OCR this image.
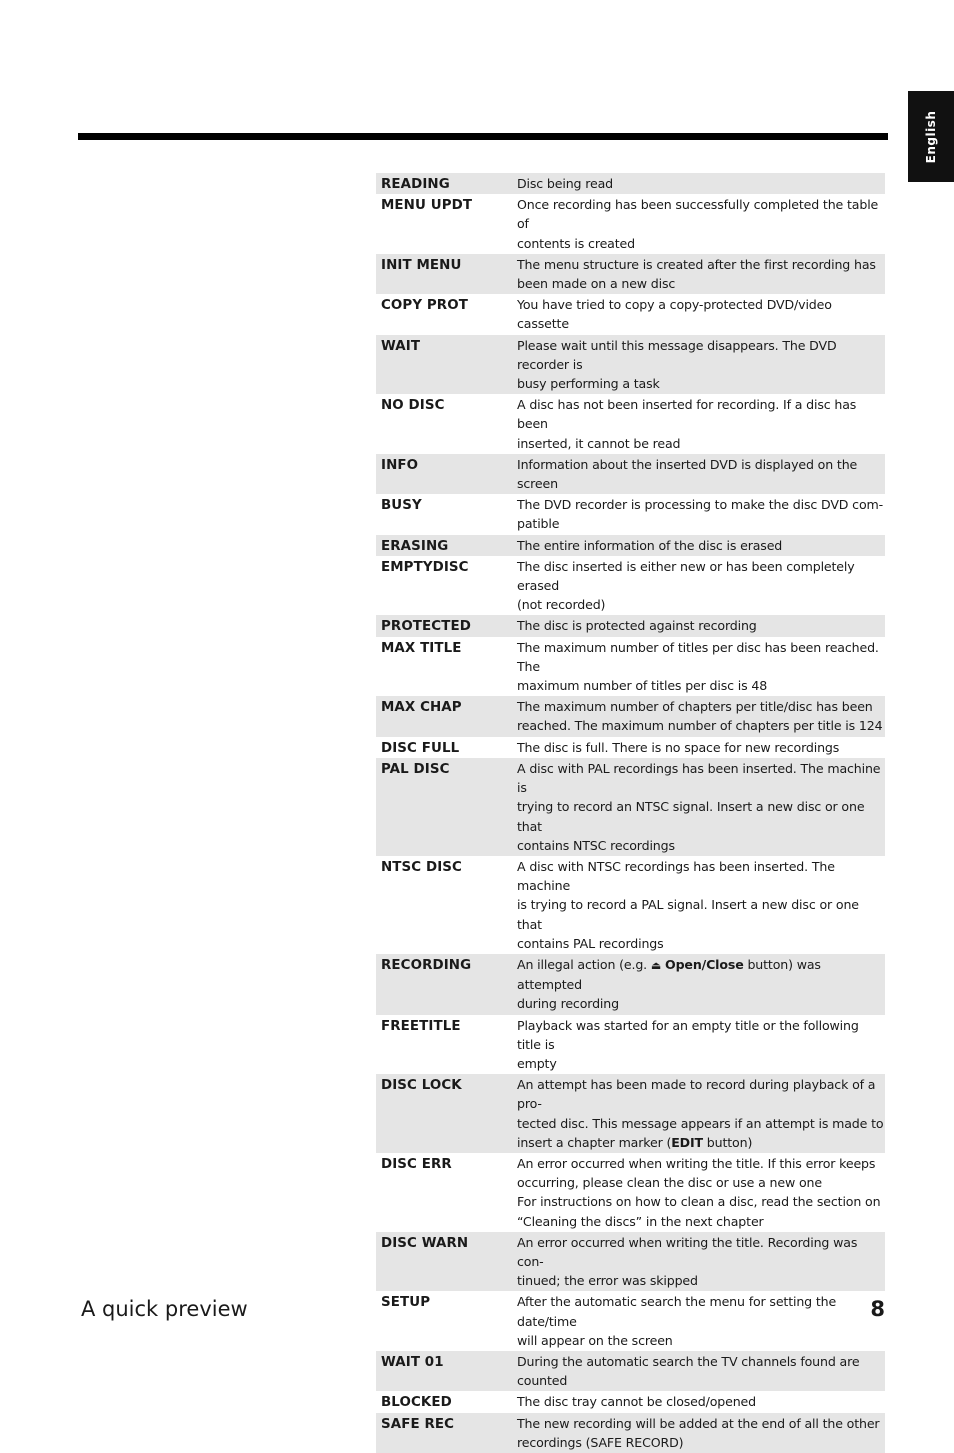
English
READING	Disc being read
MENU UPDT	Once recording has been successfully completed the table of
contents is created
INIT MENU	The menu structure is created after the first recording has
been made on a new disc
COPY PROT	You have tried to copy a copy-protected DVD/video cassette
WAIT	Please wait until this message disappears. The DVD recorder is
busy performing a task
NO DISC	A disc has not been inserted for recording. If a disc has been
inserted, it cannot be read
INFO	Information about the inserted DVD is displayed on the screen
BUSY	The DVD recorder is processing to make the disc DVD com-
patible
ERASING	The entire information of the disc is erased
EMPTYDISC	The disc inserted is either new or has been completely erased
(not recorded)
PROTECTED	The disc is protected against recording
MAX TITLE	The maximum number of titles per disc has been reached. The
maximum number of titles per disc is 48
MAX CHAP	The maximum number of chapters per title/disc has been
reached. The maximum number of chapters per title is 124
DISC FULL	The disc is full. There is no space for new recordings
PAL DISC	A disc with PAL recordings has been inserted. The machine is
trying to record an NTSC signal. Insert a new disc or one that
contains NTSC recordings
NTSC DISC	A disc with NTSC recordings has been inserted. The machine
is trying to record a PAL signal. Insert a new disc or one that
contains PAL recordings
RECORDING	An illegal action (e.g. ⏏ Open/Close button) was attempted
during recording
FREETITLE	Playback was started for an empty title or the following title is
empty
DISC LOCK	An attempt has been made to record during playback of a pro-
tected disc. This message appears if an attempt is made to
insert a chapter marker (EDIT button)
DISC ERR	An error occurred when writing the title. If this error keeps
occurring, please clean the disc or use a new one
For instructions on how to clean a disc, read the section on
“Cleaning the discs” in the next chapter
DISC WARN	An error occurred when writing the title. Recording was con-
tinued; the error was skipped
SETUP	After the automatic search the menu for setting the date/time
will appear on the screen
WAIT 01	During the automatic search the TV channels found are
counted
BLOCKED	The disc tray cannot be closed/opened
SAFE REC	The new recording will be added at the end of all the other
recordings (SAFE RECORD)
A quick preview	8
